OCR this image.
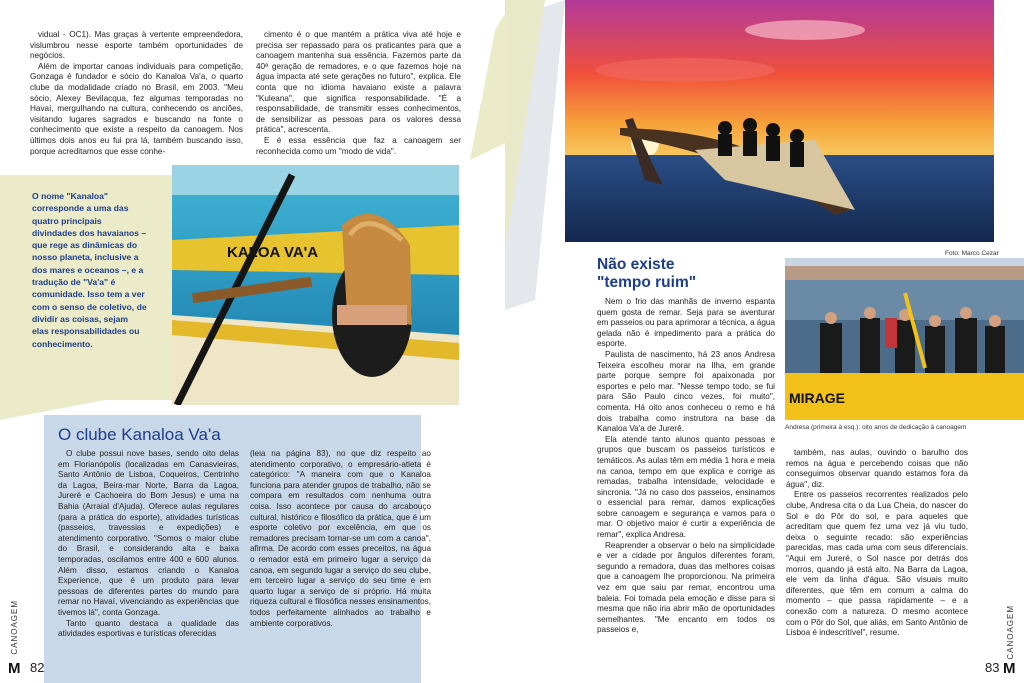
vidual - OC1). Mas graças à vertente empreendedora, vislumbrou nesse esporte também oportunidades de negócios.

Além de importar canoas individuais para competição, Gonzaga é fundador e sócio do Kanaloa Va'a, o quarto clube da modalidade criado no Brasil, em 2003. "Meu sócio, Alexey Bevilacqua, fez algumas temporadas no Havaí, mergulhando na cultura, conhecendo os anciões, visitando lugares sagrados e buscando na fonte o conhecimento que existe a respeito da canoagem. Nos últimos dois anos eu fui pra lá, também buscando isso, porque acreditamos que esse conhe-

cimento é o que mantém a prática viva até hoje e precisa ser repassado para os praticantes para que a canoagem mantenha sua essência. Fazemos parte da 40ª geração de remadores, e o que fazemos hoje na água impacta até sete gerações no futuro", explica. Ele conta que no idioma havaiano existe a palavra "Kuleana", que significa responsabilidade. "É a responsabilidade, de transmitir esses conhecimentos, de sensibilizar as pessoas para os valores dessa prática", acrescenta.

E é essa essência que faz a canoagem ser reconhecida como um "modo de vida".

O nome "Kanaloa" corresponde a uma das quatro principais divindades dos havaianos – que rege as dinâmicas do nosso planeta, inclusive a dos mares e oceanos –, e a tradução de "Va'a" é comunidade. Isso tem a ver com o senso de coletivo, de dividir as coisas, sejam elas responsabilidades ou conhecimento.
KALOA VA'A
O clube Kanaloa Va'a

O clube possui nove bases, sendo oito delas em Florianópolis (localizadas em Canasvieiras, Santo Antônio de Lisboa, Coqueiros, Centrinho da Lagoa, Beira-mar Norte, Barra da Lagoa, Jureré e Cachoeira do Bom Jesus) e uma na Bahia (Arraial d'Ajuda). Oferece aulas regulares (para a prática do esporte), atividades turísticas (passeios, travessias e expedições) e atendimento corporativo. "Somos o maior clube do Brasil, e considerando alta e baixa temporadas, oscilamos entre 400 e 600 alunos. Além disso, estamos criando o Kanaloa Experience, que é um produto para levar pessoas de diferentes partes do mundo para remar no Havaí, vivenciando as experiências que tivemos lá", conta Gonzaga.

Tanto quanto destaca a qualidade das atividades esportivas e turísticas oferecidas

(leia na página 83), no que diz respeito ao atendimento corporativo, o empresário-atleta é categórico: "A maneira com que o Kanaloa funciona para atender grupos de trabalho, não se compara em resultados com nenhuma outra coisa. Isso acontece por causa do arcabouço cultural, histórico e filosófico da prática, que é um esporte coletivo por excelência, em que os remadores precisam tornar-se um com a canoa", afirma. De acordo com esses preceitos, na água o remador está em primeiro lugar a serviço da canoa, em segundo lugar a serviço do seu clube, em terceiro lugar a serviço do seu time e em quarto lugar a serviço de si próprio. Há muita riqueza cultural e filosófica nesses ensinamentos, todos perfeitamente alinhados ao trabalho e ambiente corporativos.
CANOAGEM
M 82
Foto: Marco Cezar
Não existe
"tempo ruim"
MIRAGE
Andresa (primeira à esq.): oito anos de dedicação à canoagem

Nem o frio das manhãs de inverno espanta quem gosta de remar. Seja para se aventurar em passeios ou para aprimorar a técnica, a água gelada não é impedimento para a prática do esporte.

Paulista de nascimento, há 23 anos Andresa Teixeira escolheu morar na Ilha, em grande parte porque sempre foi apaixonada por esportes e pelo mar. "Nesse tempo todo, se fui para São Paulo cinco vezes, foi muito", comenta. Há oito anos conheceu o remo e há dois trabalha como instrutora na base da Kanaloa Va'a de Jurerê.

Ela atende tanto alunos quanto pessoas e grupos que buscam os passeios turísticos e temáticos. As aulas têm em média 1 hora e meia na canoa, tempo em que explica e corrige as remadas, trabalha intensidade, velocidade e sincronia. "Já no caso dos passeios, ensinamos o essencial para remar, damos explicações sobre canoagem e segurança e vamos para o mar. O objetivo maior é curtir a experiência de remar", explica Andresa.

Reaprender a observar o belo na simplicidade e ver a cidade por ângulos diferentes foram, segundo a remadora, duas das melhores coisas que a canoagem lhe proporcionou. Na primeira vez em que saiu par remar, encontrou uma baleia. Foi tomada pela emoção e disse para si mesma que não iria abrir mão de oportunidades semelhantes. "Me encanto em todos os passeios e,

também, nas aulas, ouvindo o barulho dos remos na água e percebendo coisas que não conseguimos observar quando estamos fora da água", diz.

Entre os passeios recorrentes realizados pelo clube, Andresa cita o da Lua Cheia, do nascer do Sol e do Pôr do sol, e para aqueles que acreditam que quem fez uma vez já viu tudo, deixa o seguinte recado: são experiências parecidas, mas cada uma com seus diferenciais. "Aqui em Jureré, o Sol nasce por detrás dos morros, quando já está alto. Na Barra da Lagoa, ele vem da linha d'água. São visuais muito diferentes, que têm em comum a calma do momento – que passa rapidamente – e a conexão com a natureza. O mesmo acontece com o Pôr do Sol, que aliás, em Santo Antônio de Lisboa é indescritível", resume.	CANOAGEM
83 M
